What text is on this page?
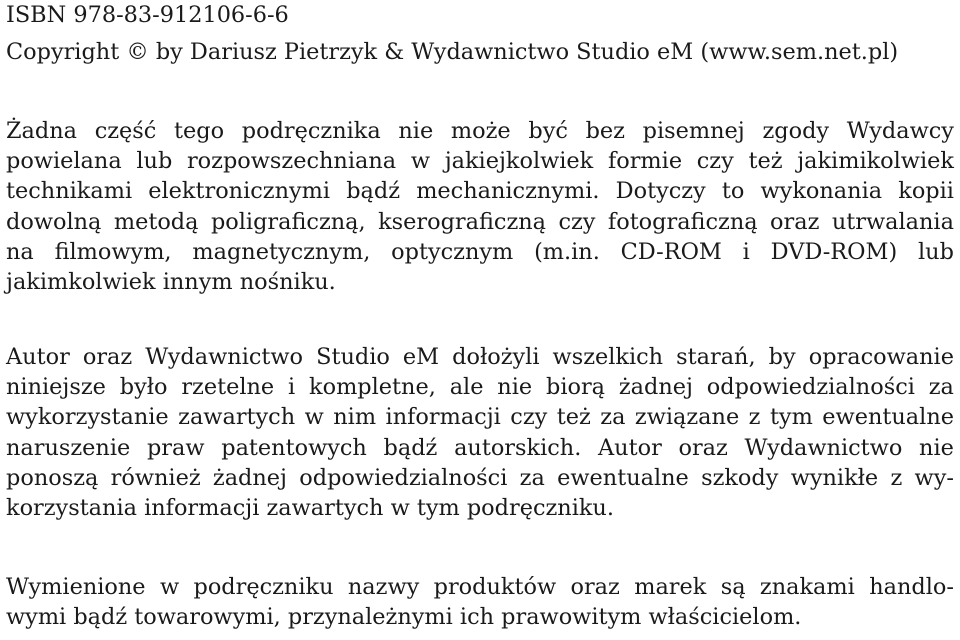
ISBN 978-83-912106-6-6
Copyright © by Dariusz Pietrzyk & Wydawnictwo Studio eM (www.sem.net.pl)
Żadna część tego podręcznika nie może być bez pisemnej zgody Wydawcy
powielana lub rozpowszechniana w jakiejkolwiek formie czy też jakimikolwiek
technikami elektronicznymi bądź mechanicznymi. Dotyczy to wykonania kopii
dowolną metodą poligraficzną, kserograficzną czy fotograficzną oraz utrwalania
na filmowym, magnetycznym, optycznym (m.in. CD-ROM i DVD-ROM) lub
jakimkolwiek innym nośniku.
Autor oraz Wydawnictwo Studio eM dołożyli wszelkich starań, by opracowanie
niniejsze było rzetelne i kompletne, ale nie biorą żadnej odpowiedzialności za
wykorzystanie zawartych w nim informacji czy też za związane z tym ewentualne
naruszenie praw patentowych bądź autorskich. Autor oraz Wydawnictwo nie
ponoszą również żadnej odpowiedzialności za ewentualne szkody wynikłe z wy-
korzystania informacji zawartych w tym podręczniku.
Wymienione w podręczniku nazwy produktów oraz marek są znakami handlo-
wymi bądź towarowymi, przynależnymi ich prawowitym właścicielom.
